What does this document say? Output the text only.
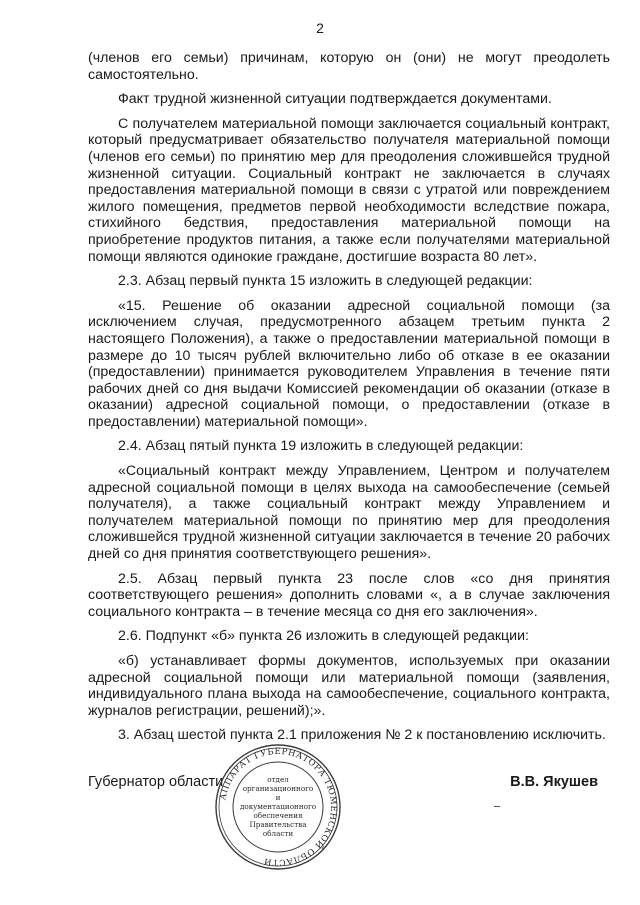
2

(членов его семьи) причинам, которую он (они) не могут преодолеть самостоятельно.

Факт трудной жизненной ситуации подтверждается документами.

С получателем материальной помощи заключается социальный контракт, который предусматривает обязательство получателя материальной помощи (членов его семьи) по принятию мер для преодоления сложившейся трудной жизненной ситуации. Социальный контракт не заключается в случаях предоставления материальной помощи в связи с утратой или повреждением жилого помещения, предметов первой необходимости вследствие пожара, стихийного бедствия, предоставления материальной помощи на приобретение продуктов питания, а также если получателями материальной помощи являются одинокие граждане, достигшие возраста 80 лет».

2.3. Абзац первый пункта 15 изложить в следующей редакции:

«15. Решение об оказании адресной социальной помощи (за исключением случая, предусмотренного абзацем третьим пункта 2 настоящего Положения), а также о предоставлении материальной помощи в размере до 10 тысяч рублей включительно либо об отказе в ее оказании (предоставлении) принимается руководителем Управления в течение пяти рабочих дней со дня выдачи Комиссией рекомендации об оказании (отказе в оказании) адресной социальной помощи, о предоставлении (отказе в предоставлении) материальной помощи».

2.4. Абзац пятый пункта 19 изложить в следующей редакции:

«Социальный контракт между Управлением, Центром и получателем адресной социальной помощи в целях выхода на самообеспечение (семьей получателя), а также социальный контракт между Управлением и получателем материальной помощи по принятию мер для преодоления сложившейся трудной жизненной ситуации заключается в течение 20 рабочих дней со дня принятия соответствующего решения».

2.5. Абзац первый пункта 23 после слов «со дня принятия соответствующего решения» дополнить словами «, а в случае заключения социального контракта – в течение месяца со дня его заключения».

2.6. Подпункт «б» пункта 26 изложить в следующей редакции:

«б) устанавливает формы документов, используемых при оказании адресной социальной помощи или материальной помощи (заявления, индивидуального плана выхода на самообеспечение, социального контракта, журналов регистрации, решений);».

3. Абзац шестой пункта 2.1 приложения № 2 к постановлению исключить.

Губернатор области	В.В. Якушев
АППАРАТ ГУБЕРНАТОРА ТЮМЕНСКОЙ ОБЛАСТИ
отдел
организационного
и
документационного
обеспечения
Правительства
области
